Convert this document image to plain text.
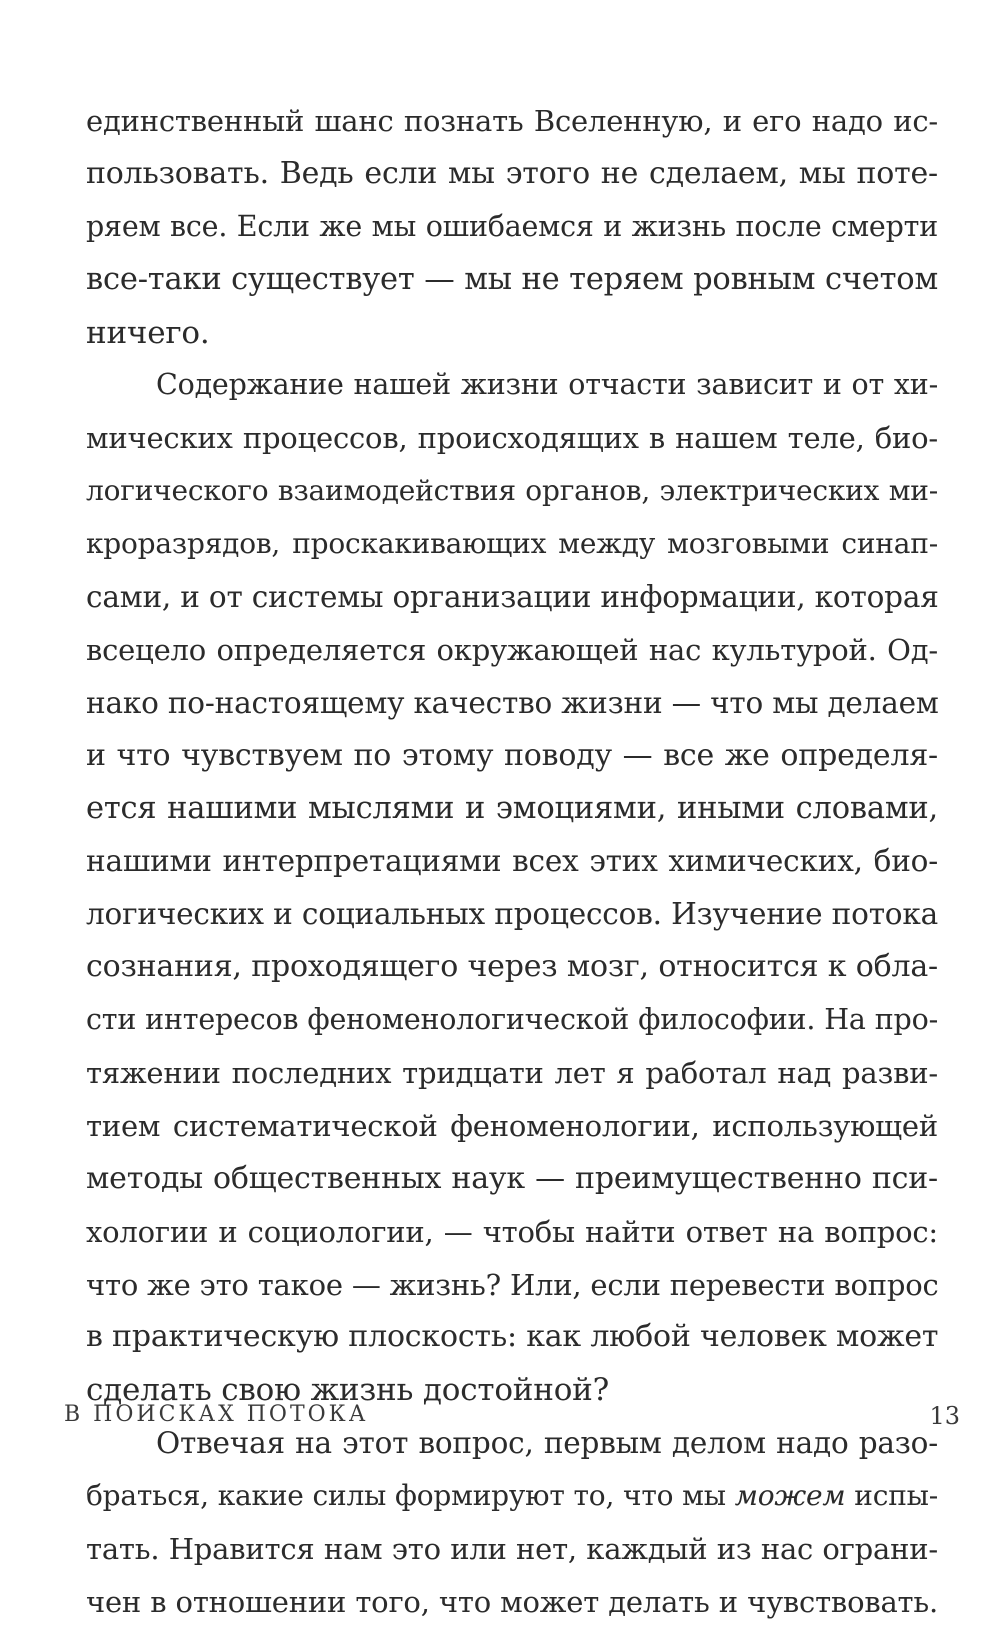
единственный шанс познать Вселенную, и его надо ис-
пользовать. Ведь если мы этого не сделаем, мы поте-
ряем все. Если же мы ошибаемся и жизнь после смерти
все-таки существует — мы не теряем ровным счетом
ничего.
Содержание нашей жизни отчасти зависит и от хи-
мических процессов, происходящих в нашем теле, био-
логического взаимодействия органов, электрических ми-
кроразрядов, проскакивающих между мозговыми синап-
сами, и от системы организации информации, которая
всецело определяется окружающей нас культурой. Од-
нако по-настоящему качество жизни — что мы делаем
и что чувствуем по этому поводу — все же определя-
ется нашими мыслями и эмоциями, иными словами,
нашими интерпретациями всех этих химических, био-
логических и социальных процессов. Изучение потока
сознания, проходящего через мозг, относится к обла-
сти интересов феноменологической философии. На про-
тяжении последних тридцати лет я работал над разви-
тием систематической феноменологии, использующей
методы общественных наук — преимущественно пси-
хологии и социологии, — чтобы найти ответ на вопрос:
что же это такое — жизнь? Или, если перевести вопрос
в практическую плоскость: как любой человек может
сделать свою жизнь достойной?
Отвечая на этот вопрос, первым делом надо разо-
браться, какие силы формируют то, что мы можем испы-
тать. Нравится нам это или нет, каждый из нас ограни-
чен в отношении того, что может делать и чувствовать.
В ПОИСКАХ ПОТОКА	13
